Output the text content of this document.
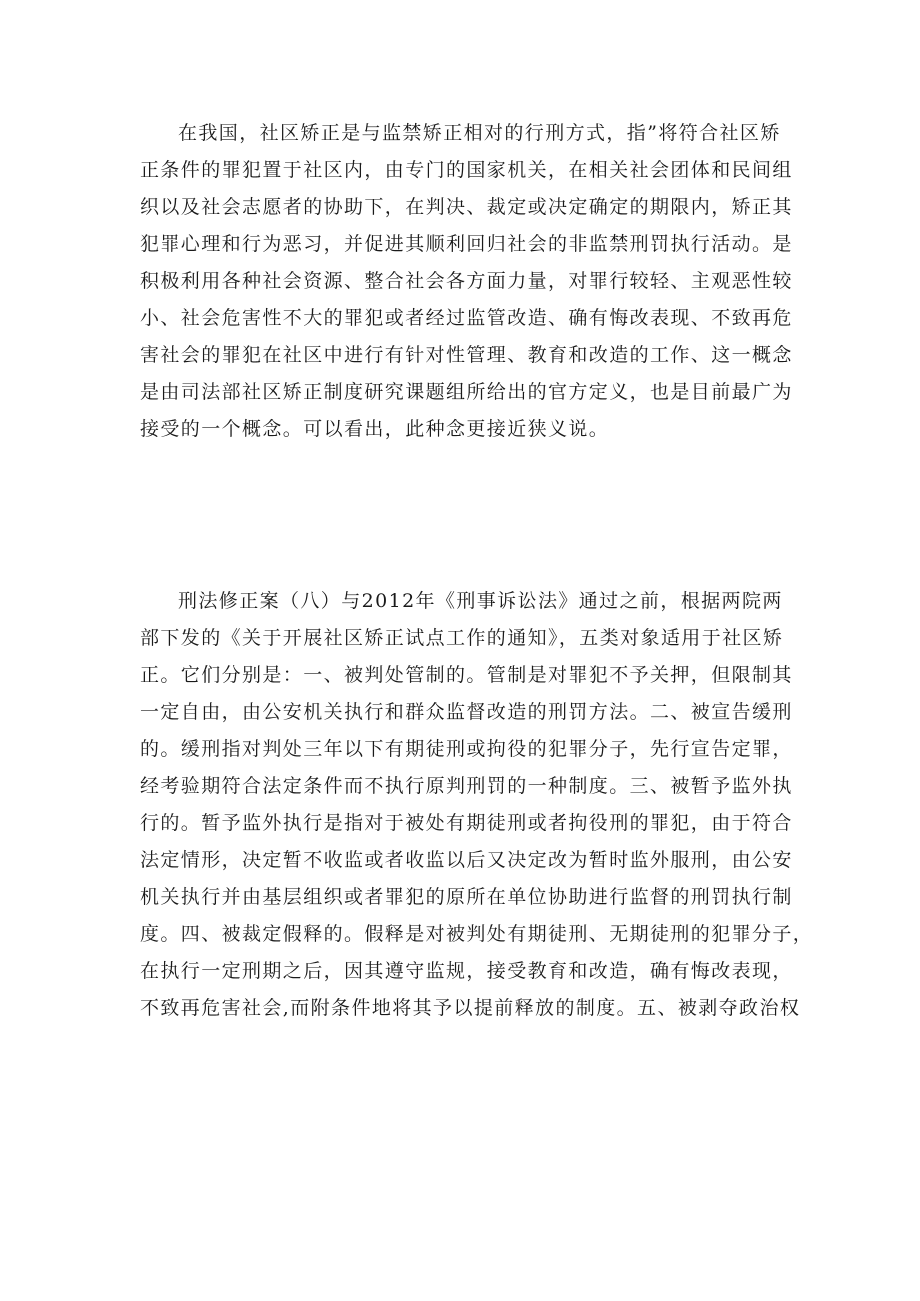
在我国，社区矫正是与监禁矫正相对的行刑方式，指”将符合社区矫
正条件的罪犯置于社区内，由专门的国家机关，在相关社会团体和民间组
织以及社会志愿者的协助下，在判决、裁定或决定确定的期限内，矫正其
犯罪心理和行为恶习，并促进其顺利回归社会的非监禁刑罚执行活动。是
积极利用各种社会资源、整合社会各方面力量，对罪行较轻、主观恶性较
小、社会危害性不大的罪犯或者经过监管改造、确有悔改表现、不致再危
害社会的罪犯在社区中进行有针对性管理、教育和改造的工作、这一概念
是由司法部社区矫正制度研究课题组所给出的官方定义，也是目前最广为
接受的一个概念。可以看出，此种念更接近狭义说。
刑法修正案（八）与2012年《刑事诉讼法》通过之前，根据两院两
部下发的《关于开展社区矫正试点工作的通知》，五类对象适用于社区矫
正。它们分别是：一、被判处管制的。管制是对罪犯不予关押，但限制其
一定自由，由公安机关执行和群众监督改造的刑罚方法。二、被宣告缓刑
的。缓刑指对判处三年以下有期徒刑或拘役的犯罪分子，先行宣告定罪，
经考验期符合法定条件而不执行原判刑罚的一种制度。三、被暂予监外执
行的。暂予监外执行是指对于被处有期徒刑或者拘役刑的罪犯，由于符合
法定情形，决定暂不收监或者收监以后又决定改为暂时监外服刑，由公安
机关执行并由基层组织或者罪犯的原所在单位协助进行监督的刑罚执行制
度。四、被裁定假释的。假释是对被判处有期徒刑、无期徒刑的犯罪分子，
在执行一定刑期之后，因其遵守监规，接受教育和改造，确有悔改表现，
不致再危害社会,而附条件地将其予以提前释放的制度。五、被剥夺政治权
